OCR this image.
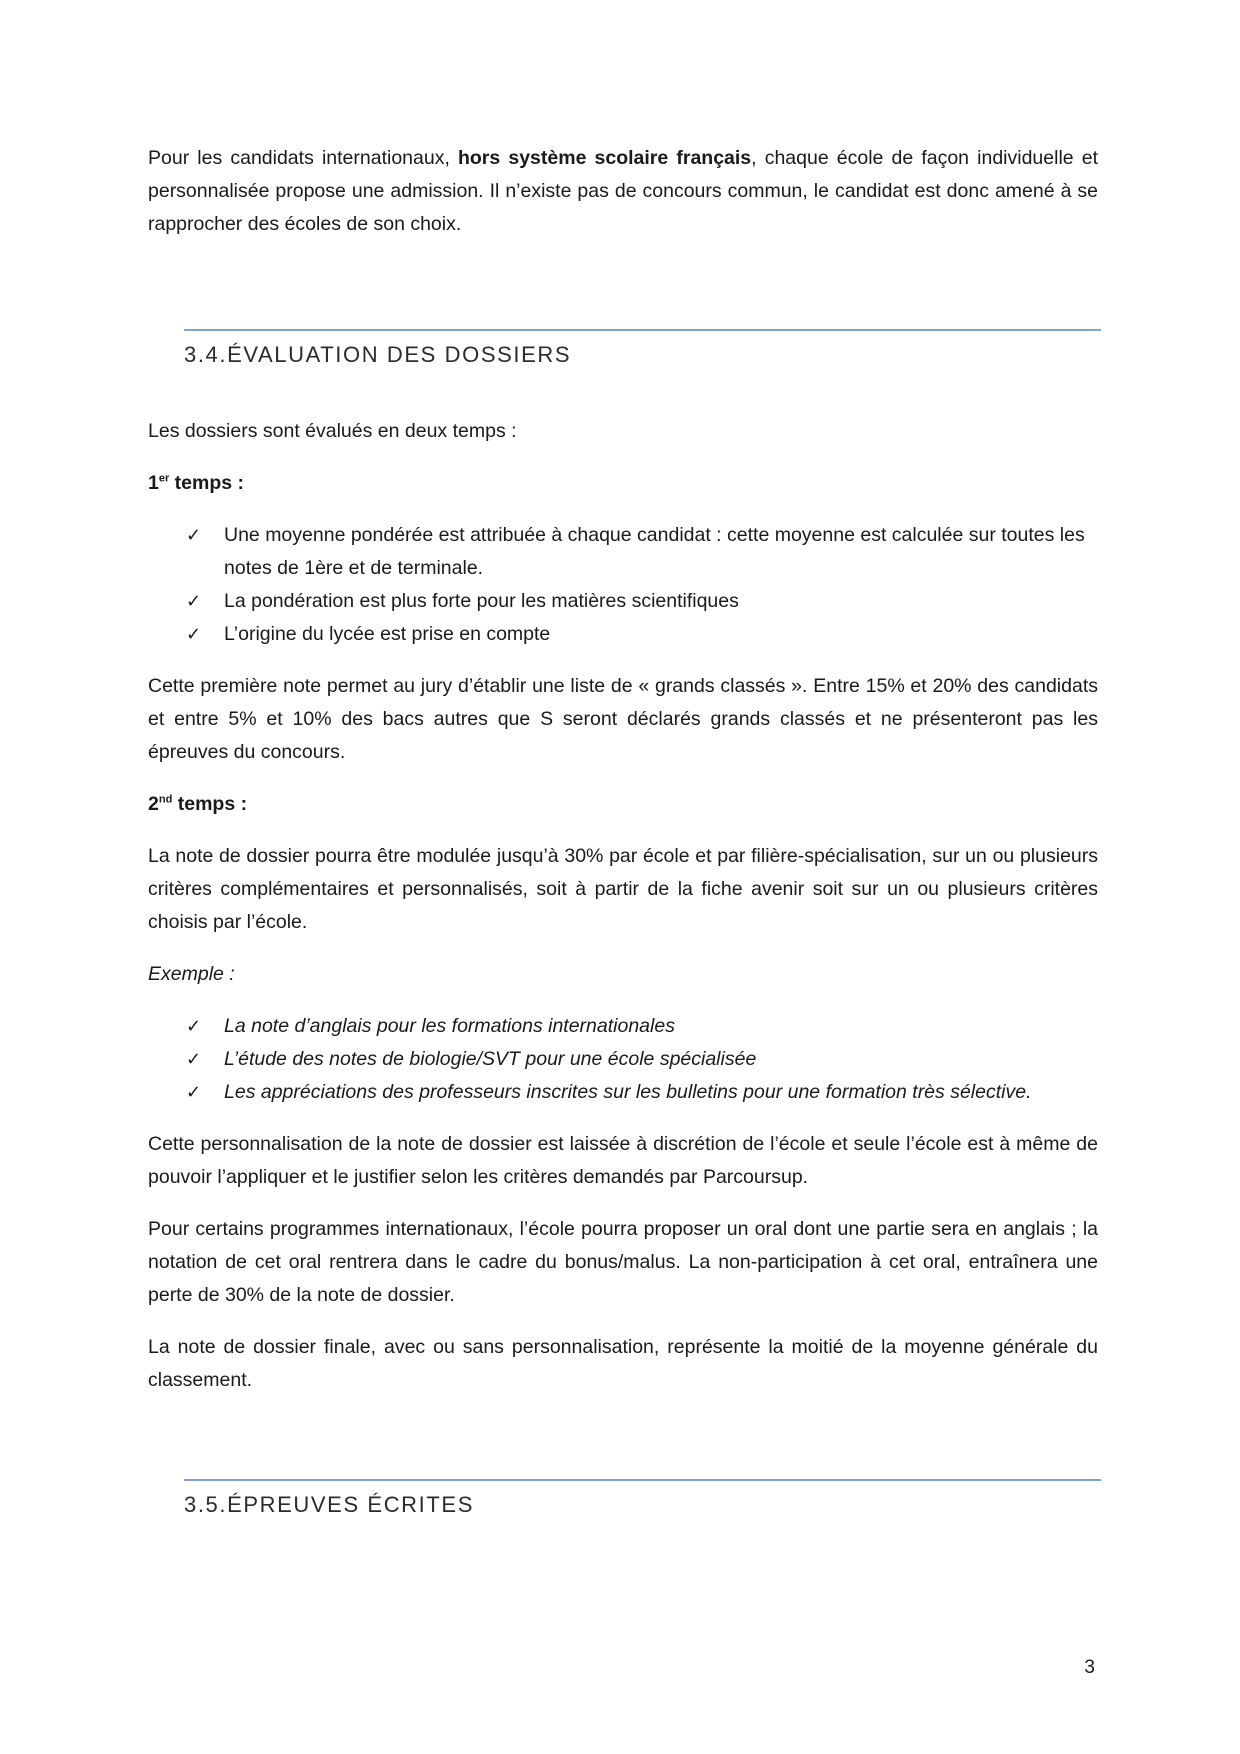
Pour les candidats internationaux, hors système scolaire français, chaque école de façon individuelle et personnalisée propose une admission. Il n’existe pas de concours commun, le candidat est donc amené à se rapprocher des écoles de son choix.

3.4.ÉVALUATION DES DOSSIERS

Les dossiers sont évalués en deux temps :

1er temps :

✓ Une moyenne pondérée est attribuée à chaque candidat : cette moyenne est calculée sur toutes les notes de 1ère et de terminale.
✓ La pondération est plus forte pour les matières scientifiques
✓ L’origine du lycée est prise en compte

Cette première note permet au jury d’établir une liste de « grands classés ». Entre 15% et 20% des candidats et entre 5% et 10% des bacs autres que S seront déclarés grands classés et ne présenteront pas les épreuves du concours.

2nd temps :

La note de dossier pourra être modulée jusqu’à 30% par école et par filière-spécialisation, sur un ou plusieurs critères complémentaires et personnalisés, soit à partir de la fiche avenir soit sur un ou plusieurs critères choisis par l’école.

Exemple :

✓ La note d’anglais pour les formations internationales
✓ L’étude des notes de biologie/SVT pour une école spécialisée
✓ Les appréciations des professeurs inscrites sur les bulletins pour une formation très sélective.

Cette personnalisation de la note de dossier est laissée à discrétion de l’école et seule l’école est à même de pouvoir l’appliquer et le justifier selon les critères demandés par Parcoursup.

Pour certains programmes internationaux, l’école pourra proposer un oral dont une partie sera en anglais ; la notation de cet oral rentrera dans le cadre du bonus/malus. La non-participation à cet oral, entraînera une perte de 30% de la note de dossier.

La note de dossier finale, avec ou sans personnalisation, représente la moitié de la moyenne générale du classement.

3.5.ÉPREUVES ÉCRITES
3
